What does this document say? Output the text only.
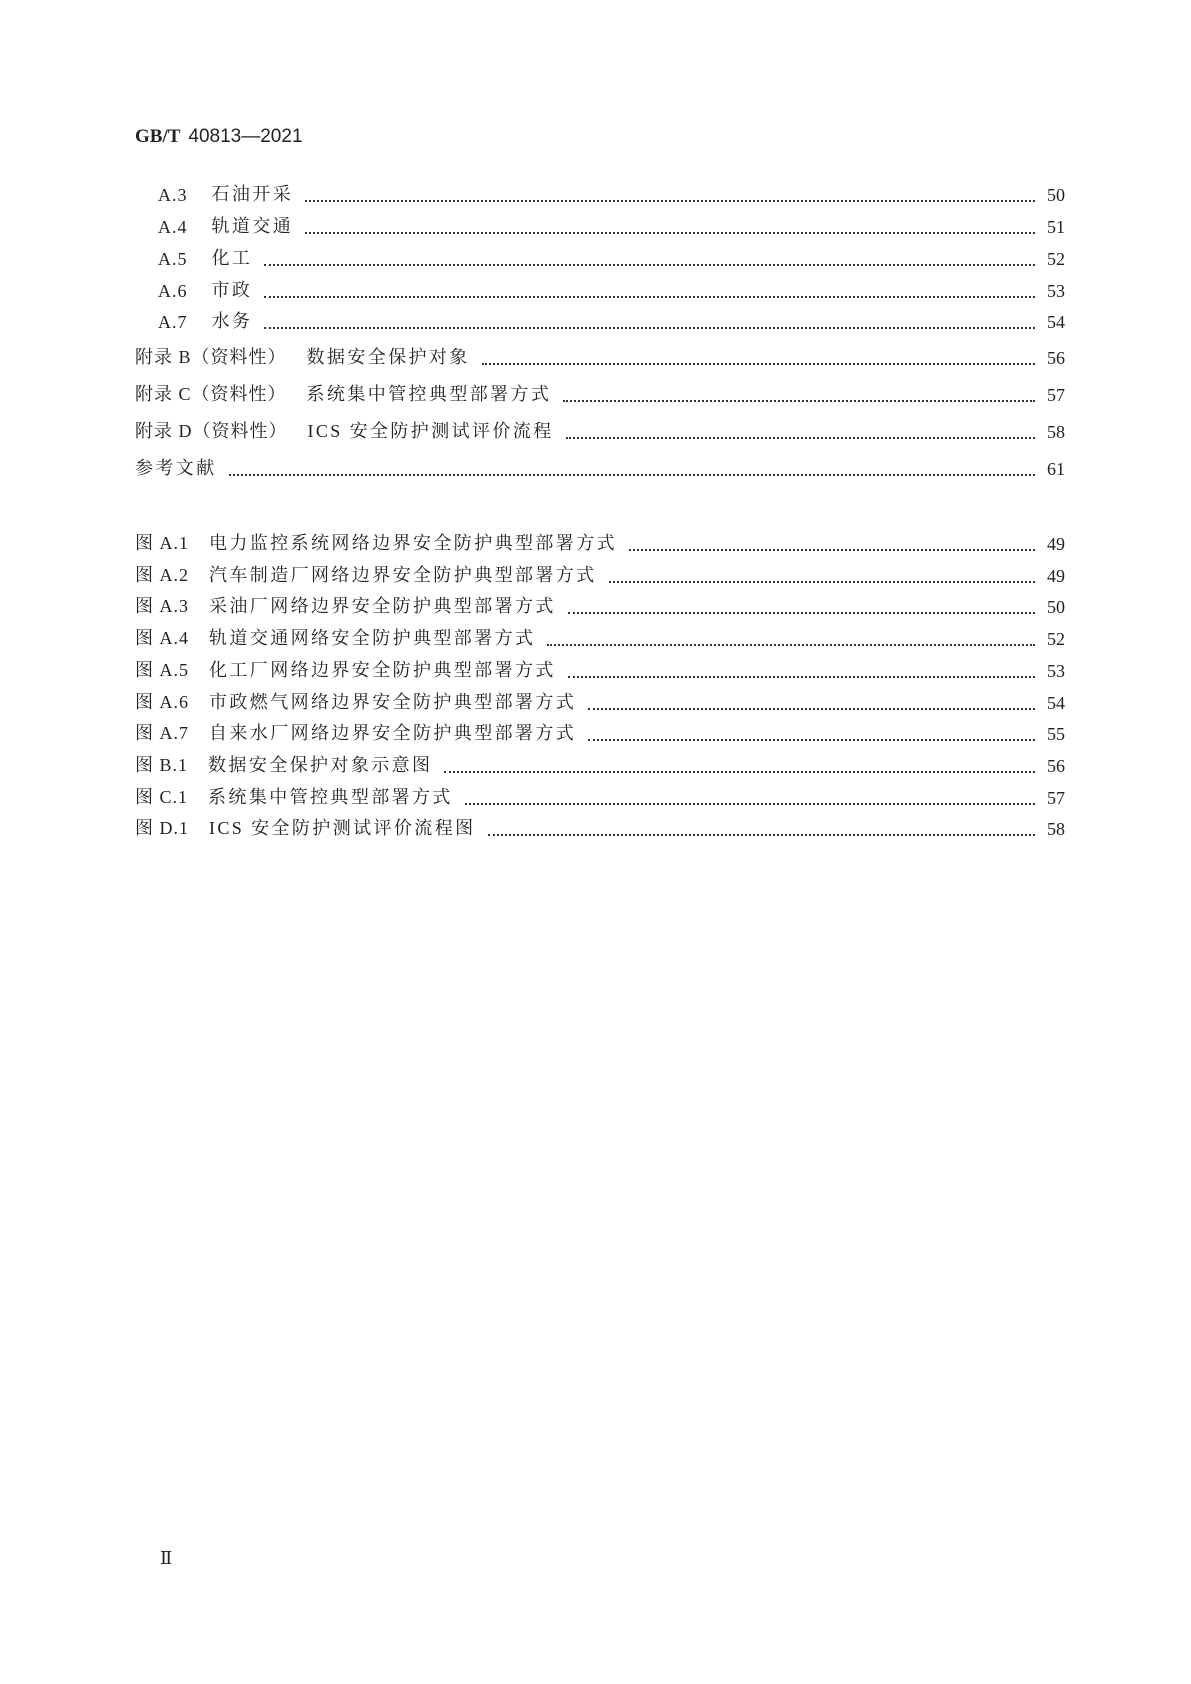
GB/T 40813—2021
A.3 石油开采	50
A.4 轨道交通	51
A.5 化工	52
A.6 市政	53
A.7 水务	54
附录 B（资料性） 数据安全保护对象	56
附录 C（资料性） 系统集中管控典型部署方式	57
附录 D（资料性） ICS 安全防护测试评价流程	58
参考文献	61
图 A.1 电力监控系统网络边界安全防护典型部署方式	49
图 A.2 汽车制造厂网络边界安全防护典型部署方式	49
图 A.3 采油厂网络边界安全防护典型部署方式	50
图 A.4 轨道交通网络安全防护典型部署方式	52
图 A.5 化工厂网络边界安全防护典型部署方式	53
图 A.6 市政燃气网络边界安全防护典型部署方式	54
图 A.7 自来水厂网络边界安全防护典型部署方式	55
图 B.1 数据安全保护对象示意图	56
图 C.1 系统集中管控典型部署方式	57
图 D.1 ICS 安全防护测试评价流程图	58
Ⅱ
